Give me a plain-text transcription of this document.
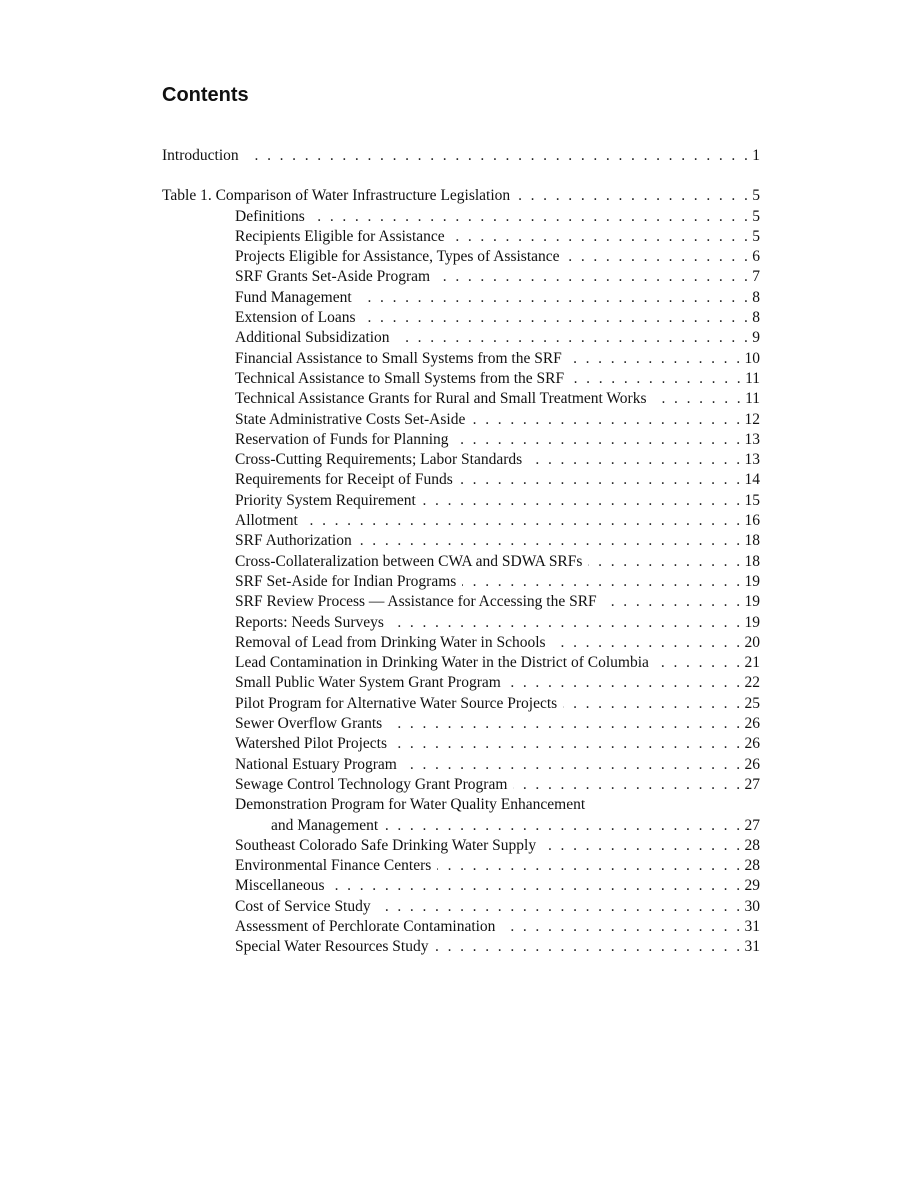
Contents
Introduction . . .	1
Table 1. Comparison of Water Infrastructure Legislation . . .	5
Definitions . . .	5
Recipients Eligible for Assistance . . .	5
Projects Eligible for Assistance, Types of Assistance . . .	6
SRF Grants Set-Aside Program . . .	7
Fund Management . . .	8
Extension of Loans . . .	8
Additional Subsidization . . .	9
Financial Assistance to Small Systems from the SRF . . .	10
Technical Assistance to Small Systems from the SRF . . .	11
Technical Assistance Grants for Rural and Small Treatment Works . . .	11
State Administrative Costs Set-Aside . . .	12
Reservation of Funds for Planning . . .	13
Cross-Cutting Requirements; Labor Standards . . .	13
Requirements for Receipt of Funds . . .	14
Priority System Requirement . . .	15
Allotment . . .	16
SRF Authorization . . .	18
Cross-Collateralization between CWA and SDWA SRFs . . .	18
SRF Set-Aside for Indian Programs . . .	19
SRF Review Process — Assistance for Accessing the SRF . . .	19
Reports: Needs Surveys . . .	19
Removal of Lead from Drinking Water in Schools . . .	20
Lead Contamination in Drinking Water in the District of Columbia . . .	21
Small Public Water System Grant Program . . .	22
Pilot Program for Alternative Water Source Projects . . .	25
Sewer Overflow Grants . . .	26
Watershed Pilot Projects . . .	26
National Estuary Program . . .	26
Sewage Control Technology Grant Program . . .	27
Demonstration Program for Water Quality Enhancement
and Management . . .	27
Southeast Colorado Safe Drinking Water Supply . . .	28
Environmental Finance Centers . . .	28
Miscellaneous . . .	29
Cost of Service Study . . .	30
Assessment of Perchlorate Contamination . . .	31
Special Water Resources Study . . .	31
